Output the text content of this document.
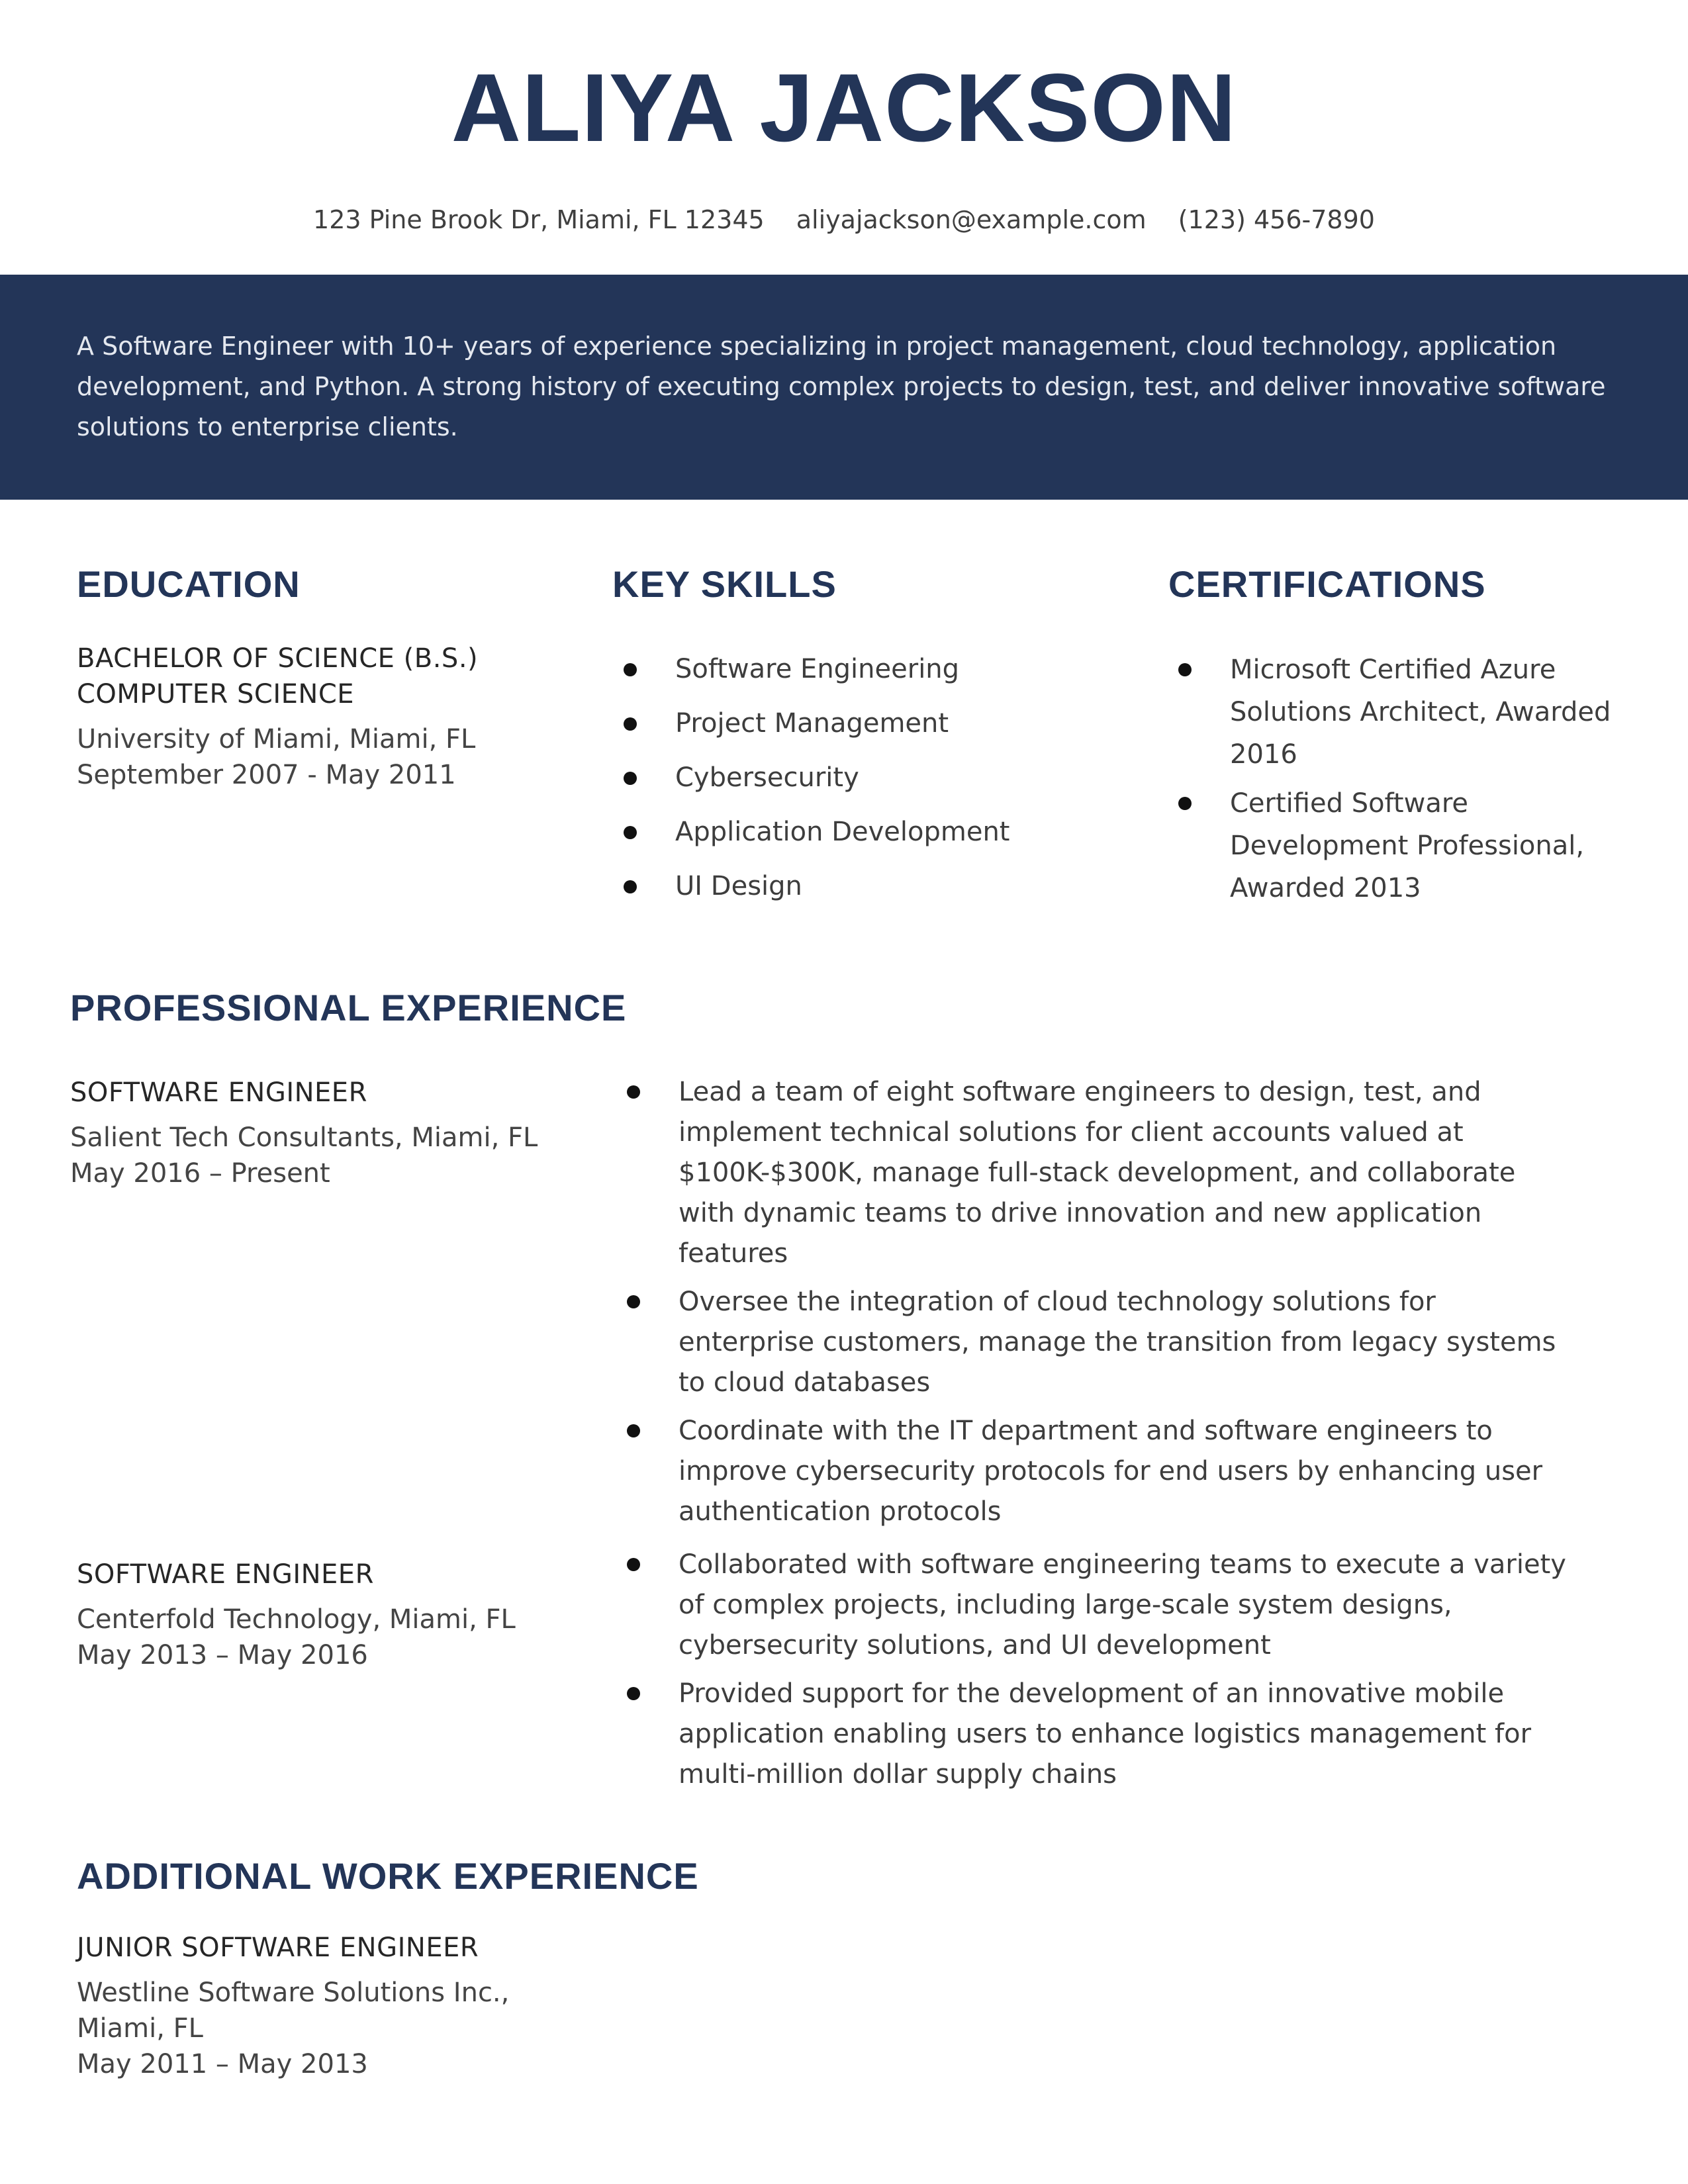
ALIYA JACKSON
123 Pine Brook Dr, Miami, FL 12345 aliyajackson@example.com (123) 456-7890

A Software Engineer with 10+ years of experience specializing in project management, cloud technology, application development, and Python. A strong history of executing complex projects to design, test, and deliver innovative software solutions to enterprise clients.

EDUCATION
BACHELOR OF SCIENCE (B.S.)
COMPUTER SCIENCE
University of Miami, Miami, FL
September 2007 - May 2011
KEY SKILLS
Software Engineering
Project Management
Cybersecurity
Application Development
UI Design
CERTIFICATIONS
Microsoft Certified Azure Solutions Architect, Awarded 2016
Certified Software Development Professional, Awarded 2013
PROFESSIONAL EXPERIENCE
SOFTWARE ENGINEER
Salient Tech Consultants, Miami, FL
May 2016 – Present
Lead a team of eight software engineers to design, test, and implement technical solutions for client accounts valued at $100K-$300K, manage full-stack development, and collaborate with dynamic teams to drive innovation and new application features
Oversee the integration of cloud technology solutions for enterprise customers, manage the transition from legacy systems to cloud databases
Coordinate with the IT department and software engineers to improve cybersecurity protocols for end users by enhancing user authentication protocols
SOFTWARE ENGINEER
Centerfold Technology, Miami, FL
May 2013 – May 2016
Collaborated with software engineering teams to execute a variety of complex projects, including large-scale system designs, cybersecurity solutions, and UI development
Provided support for the development of an innovative mobile application enabling users to enhance logistics management for multi-million dollar supply chains
ADDITIONAL WORK EXPERIENCE
JUNIOR SOFTWARE ENGINEER
Westline Software Solutions Inc.,
Miami, FL
May 2011 – May 2013
